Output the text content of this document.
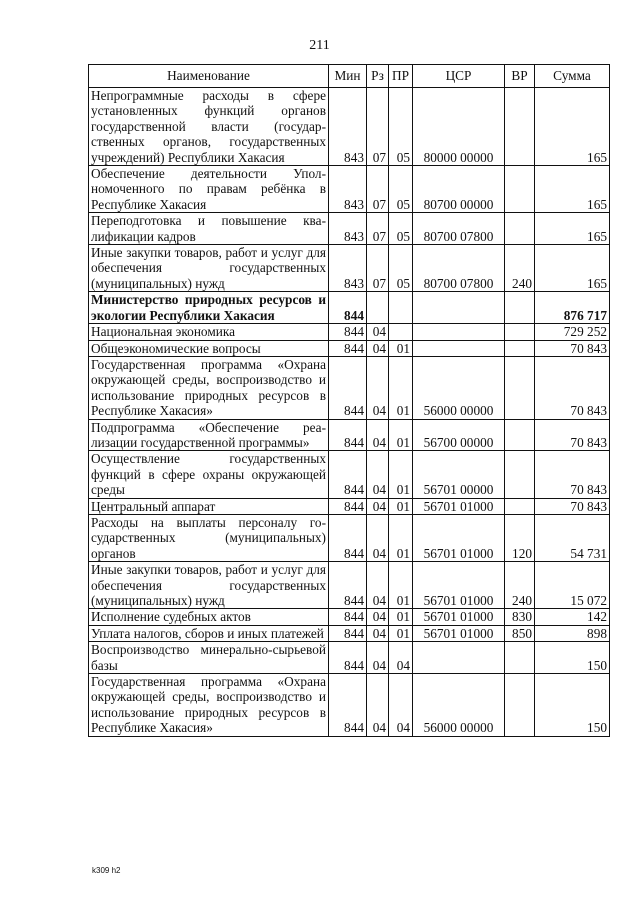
211
Наименование	Мин	Рз	ПР	ЦСР	ВР	Сумма
Непрограммные расходы в сфере установленных функций органов государственной власти (государственных органов, государственных учреждений) Республики Хакасия	843	07	05	80000 00000		165
Обеспечение деятельности Уполномоченного по правам ребёнка в Республике Хакасия	843	07	05	80700 00000		165
Переподготовка и повышение квалификации кадров	843	07	05	80700 07800		165
Иные закупки товаров, работ и услуг для обеспечения государственных (муниципальных) нужд	843	07	05	80700 07800	240	165
Министерство природных ресурсов и экологии Республики Хакасия	844					876 717
Национальная экономика	844	04				729 252
Общеэкономические вопросы	844	04	01			70 843
Государственная программа «Охрана окружающей среды, воспроизводство и использование природных ресурсов в Республике Хакасия»	844	04	01	56000 00000		70 843
Подпрограмма «Обеспечение реализации государственной программы»	844	04	01	56700 00000		70 843
Осуществление государственных функций в сфере охраны окружающей среды	844	04	01	56701 00000		70 843
Центральный аппарат	844	04	01	56701 01000		70 843
Расходы на выплаты персоналу государственных (муниципальных) органов	844	04	01	56701 01000	120	54 731
Иные закупки товаров, работ и услуг для обеспечения государственных (муниципальных) нужд	844	04	01	56701 01000	240	15 072
Исполнение судебных актов	844	04	01	56701 01000	830	142
Уплата налогов, сборов и иных платежей	844	04	01	56701 01000	850	898
Воспроизводство минерально-сырьевой базы	844	04	04			150
Государственная программа «Охрана окружающей среды, воспроизводство и использование природных ресурсов в Республике Хакасия»	844	04	04	56000 00000		150
k309 h2
